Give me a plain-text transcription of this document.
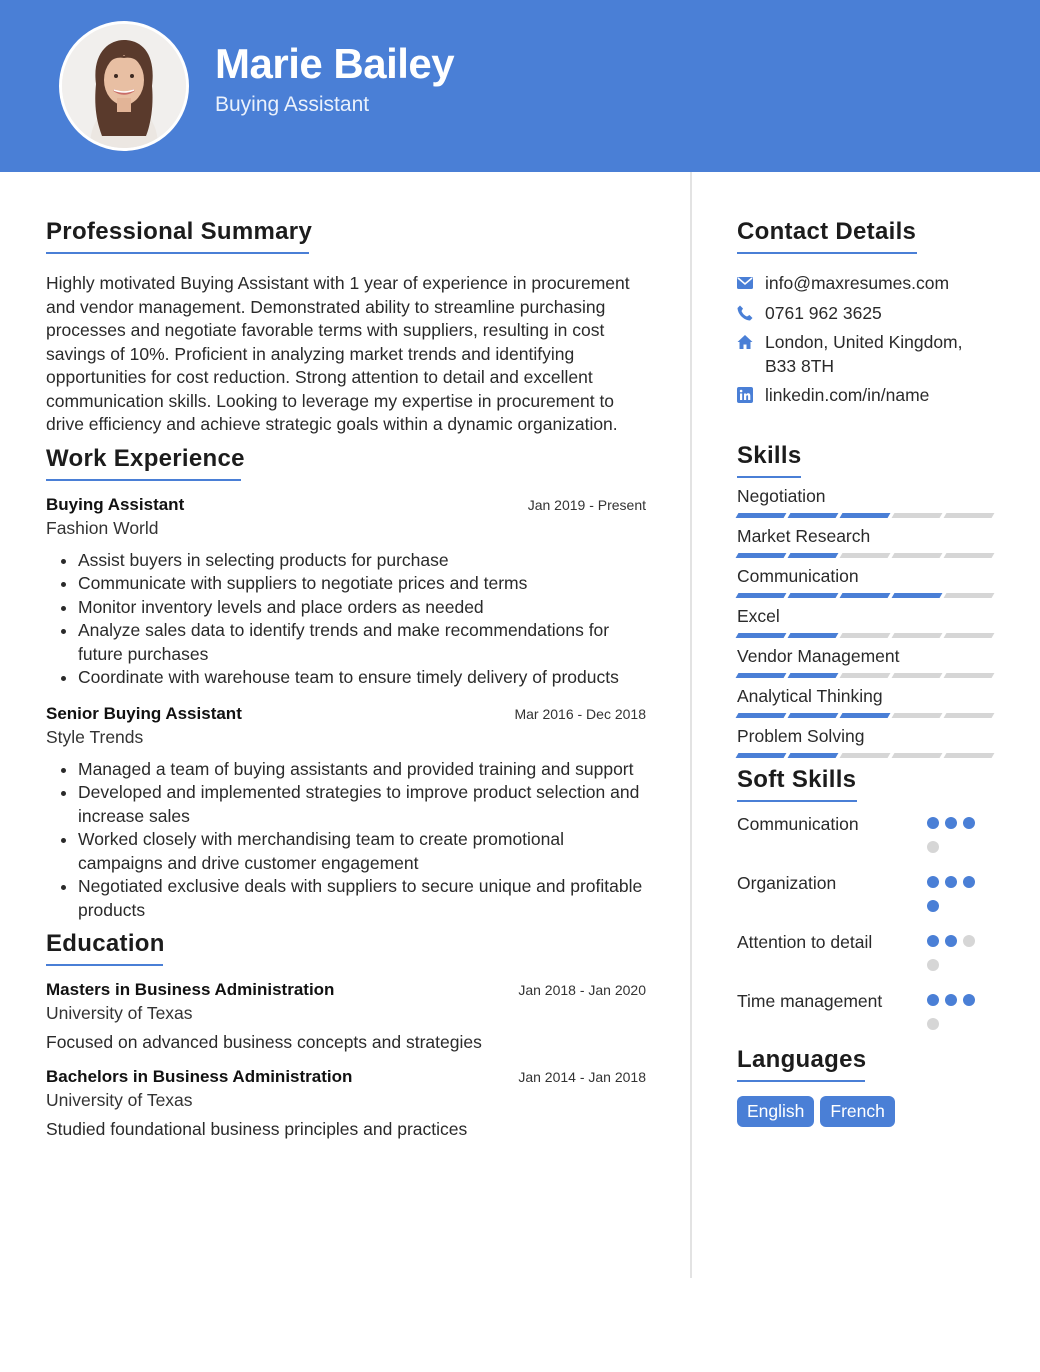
Marie Bailey
Buying Assistant
Professional Summary

Highly motivated Buying Assistant with 1 year of experience in procurement and vendor management. Demonstrated ability to streamline purchasing processes and negotiate favorable terms with suppliers, resulting in cost savings of 10%. Proficient in analyzing market trends and identifying opportunities for cost reduction. Strong attention to detail and excellent communication skills. Looking to leverage my expertise in procurement to drive efficiency and achieve strategic goals within a dynamic organization.

Work Experience
Buying Assistant	Jan 2019 - Present
Fashion World
• Assist buyers in selecting products for purchase
• Communicate with suppliers to negotiate prices and terms
• Monitor inventory levels and place orders as needed
• Analyze sales data to identify trends and make recommendations for future purchases
• Coordinate with warehouse team to ensure timely delivery of products
Senior Buying Assistant	Mar 2016 - Dec 2018
Style Trends
• Managed a team of buying assistants and provided training and support
• Developed and implemented strategies to improve product selection and increase sales
• Worked closely with merchandising team to create promotional campaigns and drive customer engagement
• Negotiated exclusive deals with suppliers to secure unique and profitable products
Education
Masters in Business Administration	Jan 2018 - Jan 2020
University of Texas
Focused on advanced business concepts and strategies
Bachelors in Business Administration	Jan 2014 - Jan 2018
University of Texas
Studied foundational business principles and practices
Contact Details
info@maxresumes.com
0761 962 3625
London, United Kingdom,
B33 8TH
linkedin.com/in/name
Skills
Negotiation
Market Research
Communication
Excel
Vendor Management
Analytical Thinking
Problem Solving
Soft Skills
Communication
Organization
Attention to detail
Time management
Languages
English	French
